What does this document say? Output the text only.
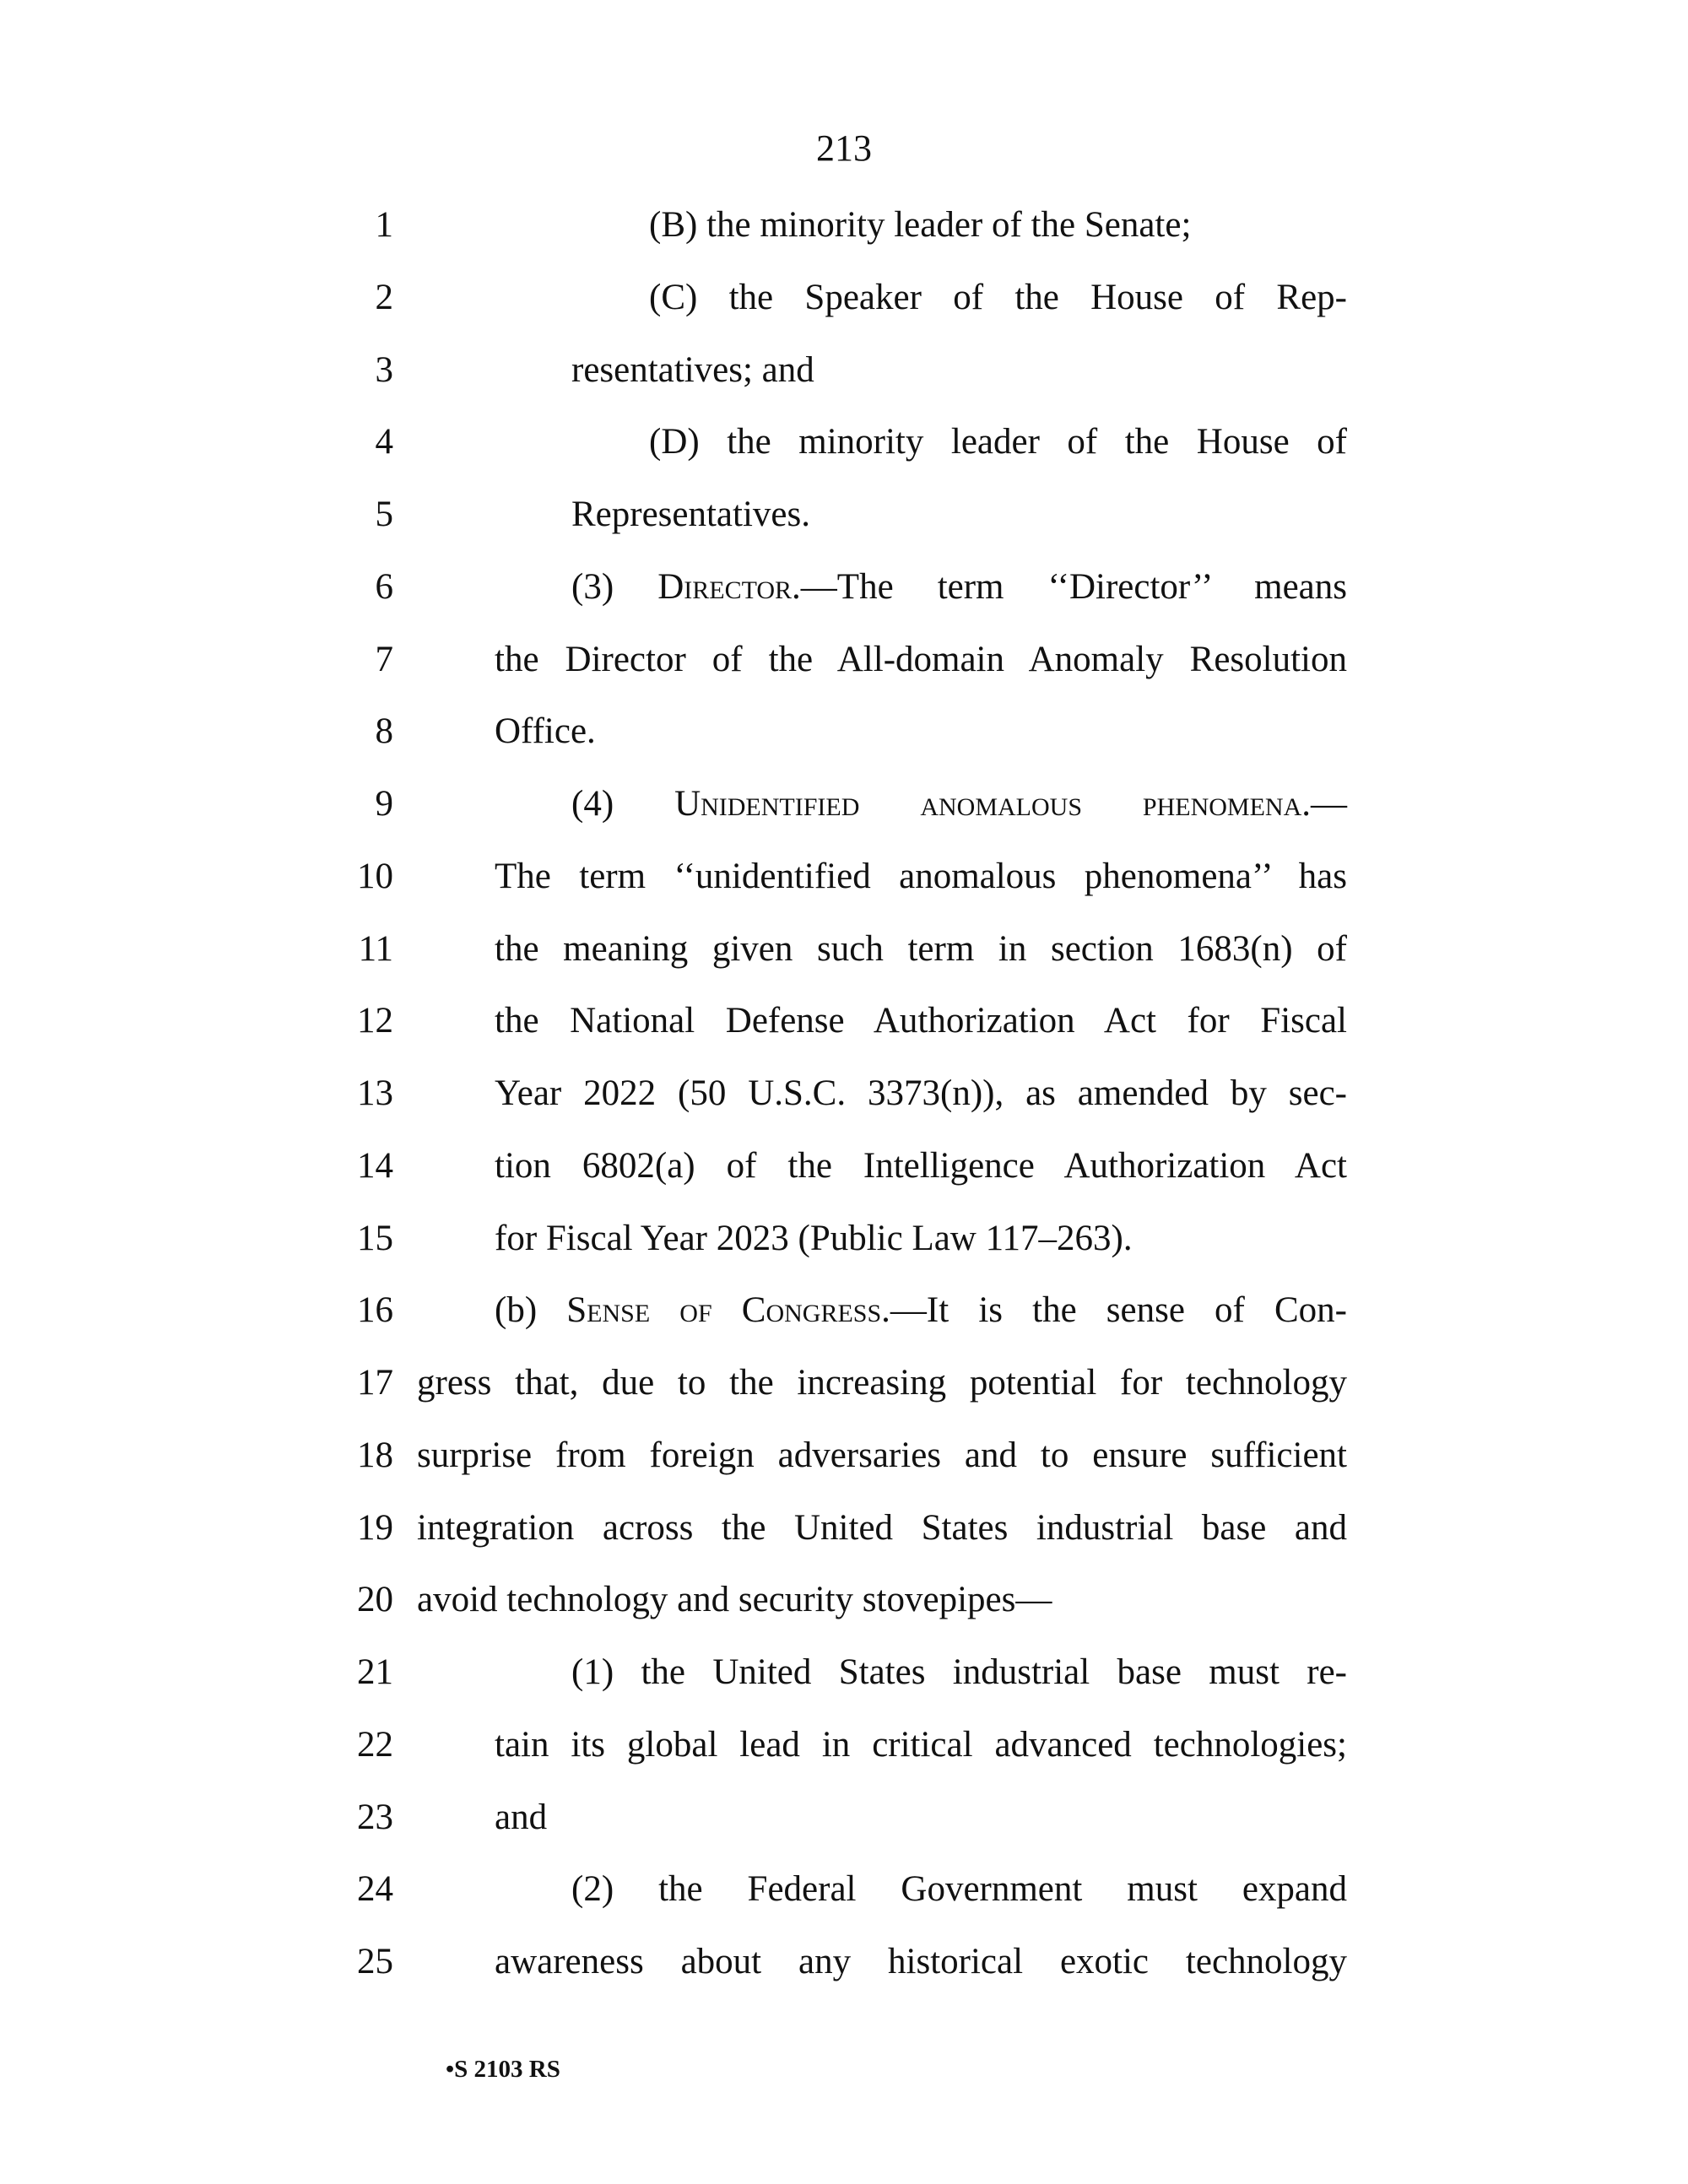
213
1	(B) the minority leader of the Senate;
2	(C) the Speaker of the House of Rep-
3	resentatives; and
4	(D) the minority leader of the House of
5	Representatives.
6	(3) Director.—The term ‘‘Director’’ means
7	the Director of the All-domain Anomaly Resolution
8	Office.
9	(4) Unidentified anomalous phenomena.—
10	The term ‘‘unidentified anomalous phenomena’’ has
11	the meaning given such term in section 1683(n) of
12	the National Defense Authorization Act for Fiscal
13	Year 2022 (50 U.S.C. 3373(n)), as amended by sec-
14	tion 6802(a) of the Intelligence Authorization Act
15	for Fiscal Year 2023 (Public Law 117–263).
16	(b) Sense of Congress.—It is the sense of Con-
17 gress that, due to the increasing potential for technology
18 surprise from foreign adversaries and to ensure sufficient
19 integration across the United States industrial base and
20 avoid technology and security stovepipes—
21	(1) the United States industrial base must re-
22	tain its global lead in critical advanced technologies;
23	and
24	(2) the Federal Government must expand
25	awareness about any historical exotic technology
•S 2103 RS
